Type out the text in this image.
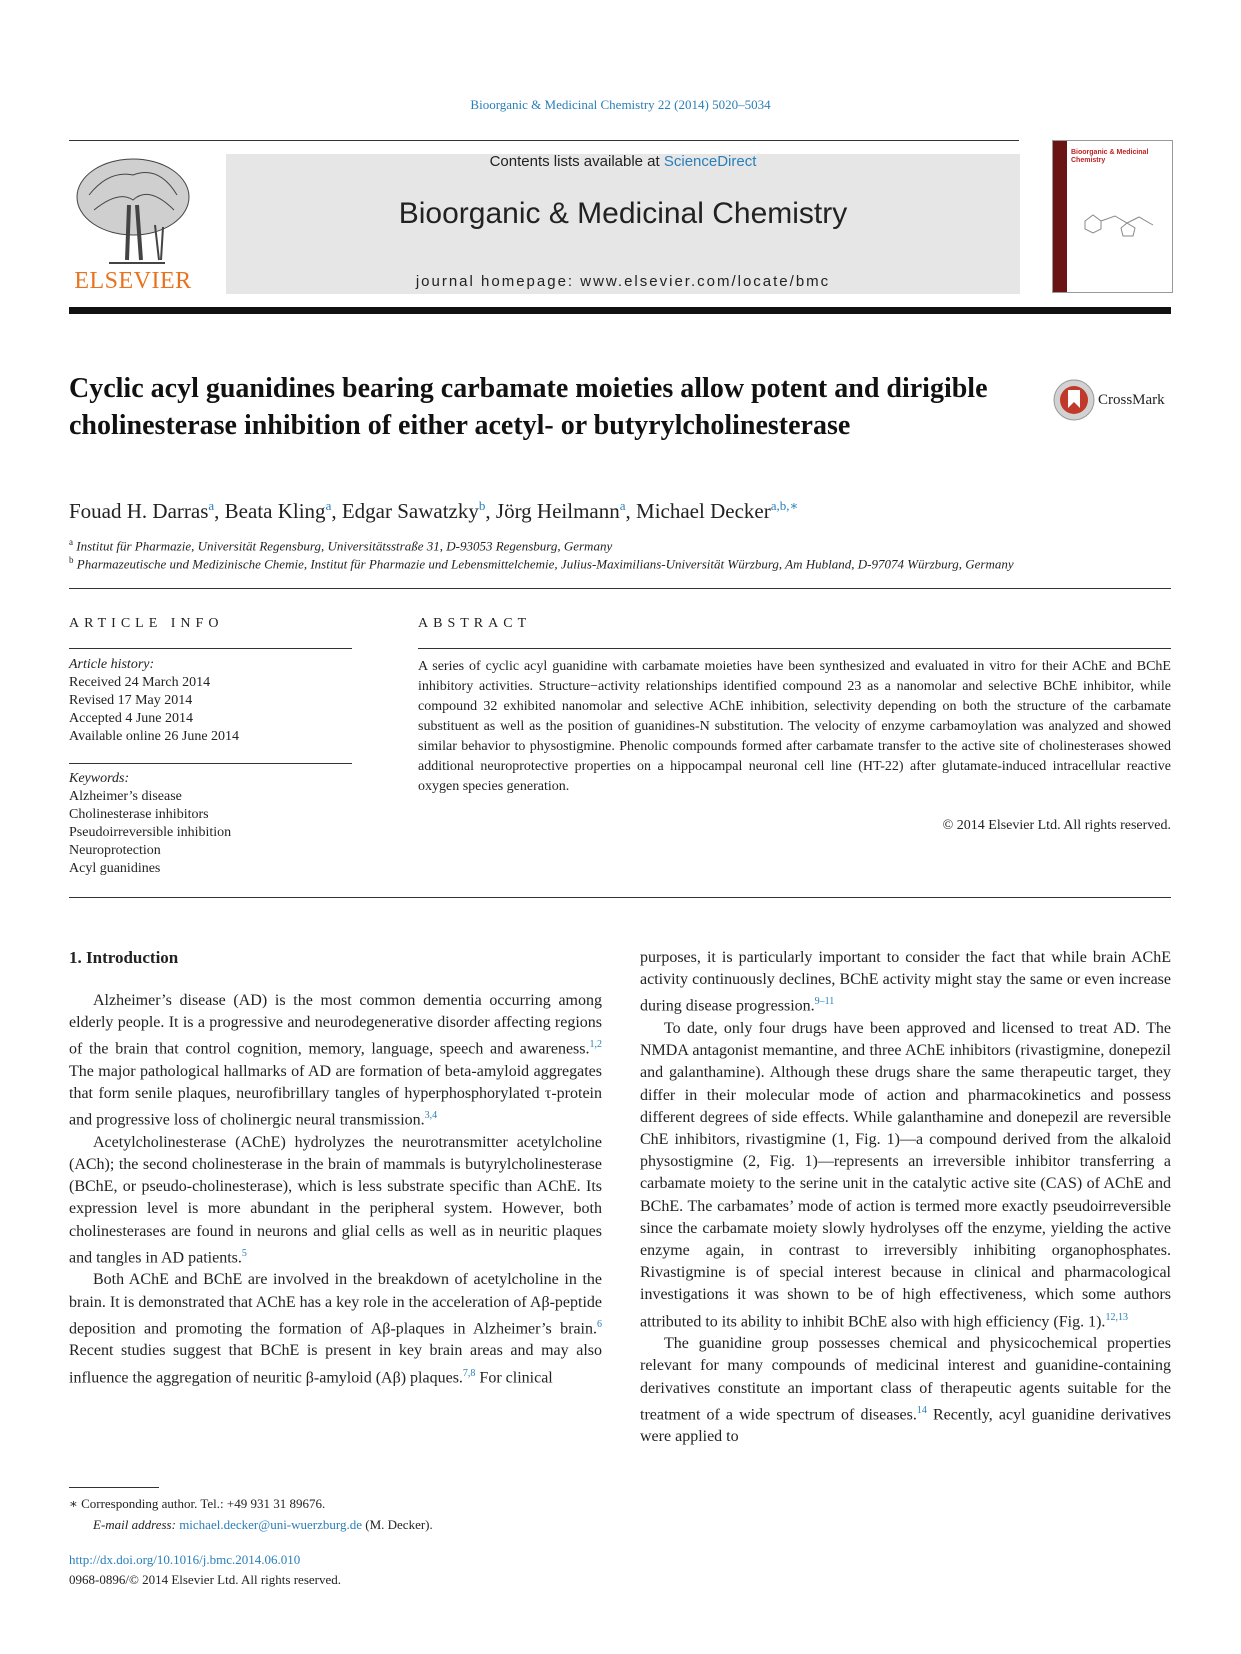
Bioorganic & Medicinal Chemistry 22 (2014) 5020–5034
ELSEVIER
Contents lists available at ScienceDirect
Bioorganic & Medicinal Chemistry
journal homepage: www.elsevier.com/locate/bmc
Bioorganic & Medicinal Chemistry
Cyclic acyl guanidines bearing carbamate moieties allow potent and dirigible cholinesterase inhibition of either acetyl- or butyrylcholinesterase
CrossMark
Fouad H. Darras$^a$, Beata Kling$^a$, Edgar Sawatzky$^b$, Jörg Heilmann$^a$, Michael Decker$^{a,b,∗}$
$^a$ Institut für Pharmazie, Universität Regensburg, Universitätsstraße 31, D-93053 Regensburg, Germany
$^b$ Pharmazeutische und Medizinische Chemie, Institut für Pharmazie und Lebensmittelchemie, Julius-Maximilians-Universität Würzburg, Am Hubland, D-97074 Würzburg, Germany
ARTICLE INFO
Article history:
Received 24 March 2014
Revised 17 May 2014
Accepted 4 June 2014
Available online 26 June 2014
Keywords:
Alzheimer’s disease
Cholinesterase inhibitors
Pseudoirreversible inhibition
Neuroprotection
Acyl guanidines
ABSTRACT
A series of cyclic acyl guanidine with carbamate moieties have been synthesized and evaluated in vitro for their AChE and BChE inhibitory activities. Structure−activity relationships identified compound 23 as a nanomolar and selective BChE inhibitor, while compound 32 exhibited nanomolar and selective AChE inhibition, selectivity depending on both the structure of the carbamate substituent as well as the position of guanidines-N substitution. The velocity of enzyme carbamoylation was analyzed and showed similar behavior to physostigmine. Phenolic compounds formed after carbamate transfer to the active site of cholinesterases showed additional neuroprotective properties on a hippocampal neuronal cell line (HT-22) after glutamate-induced intracellular reactive oxygen species generation.
© 2014 Elsevier Ltd. All rights reserved.
1. Introduction

Alzheimer’s disease (AD) is the most common dementia occurring among elderly people. It is a progressive and neurodegenerative disorder affecting regions of the brain that control cognition, memory, language, speech and awareness.$^{1,2}$ The major pathological hallmarks of AD are formation of beta-amyloid aggregates that form senile plaques, neurofibrillary tangles of hyperphosphorylated τ-protein and progressive loss of cholinergic neural transmission.$^{3,4}$

Acetylcholinesterase (AChE) hydrolyzes the neurotransmitter acetylcholine (ACh); the second cholinesterase in the brain of mammals is butyrylcholinesterase (BChE, or pseudo-cholinesterase), which is less substrate specific than AChE. Its expression level is more abundant in the peripheral system. However, both cholinesterases are found in neurons and glial cells as well as in neuritic plaques and tangles in AD patients.$^5$

Both AChE and BChE are involved in the breakdown of acetylcholine in the brain. It is demonstrated that AChE has a key role in the acceleration of Aβ-peptide deposition and promoting the formation of Aβ-plaques in Alzheimer’s brain.$^6$ Recent studies suggest that BChE is present in key brain areas and may also influence the aggregation of neuritic β-amyloid (Aβ) plaques.$^{7,8}$ For clinical

purposes, it is particularly important to consider the fact that while brain AChE activity continuously declines, BChE activity might stay the same or even increase during disease progression.$^{9-11}$

To date, only four drugs have been approved and licensed to treat AD. The NMDA antagonist memantine, and three AChE inhibitors (rivastigmine, donepezil and galanthamine). Although these drugs share the same therapeutic target, they differ in their molecular mode of action and pharmacokinetics and possess different degrees of side effects. While galanthamine and donepezil are reversible ChE inhibitors, rivastigmine (1, Fig. 1)—a compound derived from the alkaloid physostigmine (2, Fig. 1)—represents an irreversible inhibitor transferring a carbamate moiety to the serine unit in the catalytic active site (CAS) of AChE and BChE. The carbamates’ mode of action is termed more exactly pseudoirreversible since the carbamate moiety slowly hydrolyses off the enzyme, yielding the active enzyme again, in contrast to irreversibly inhibiting organophosphates. Rivastigmine is of special interest because in clinical and pharmacological investigations it was shown to be of high effectiveness, which some authors attributed to its ability to inhibit BChE also with high efficiency (Fig. 1).$^{12,13}$

The guanidine group possesses chemical and physicochemical properties relevant for many compounds of medicinal interest and guanidine-containing derivatives constitute an important class of therapeutic agents suitable for the treatment of a wide spectrum of diseases.$^{14}$ Recently, acyl guanidine derivatives were applied to

∗ Corresponding author. Tel.: +49 931 31 89676.
E-mail address: michael.decker@uni-wuerzburg.de (M. Decker).
http://dx.doi.org/10.1016/j.bmc.2014.06.010
0968-0896/© 2014 Elsevier Ltd. All rights reserved.
